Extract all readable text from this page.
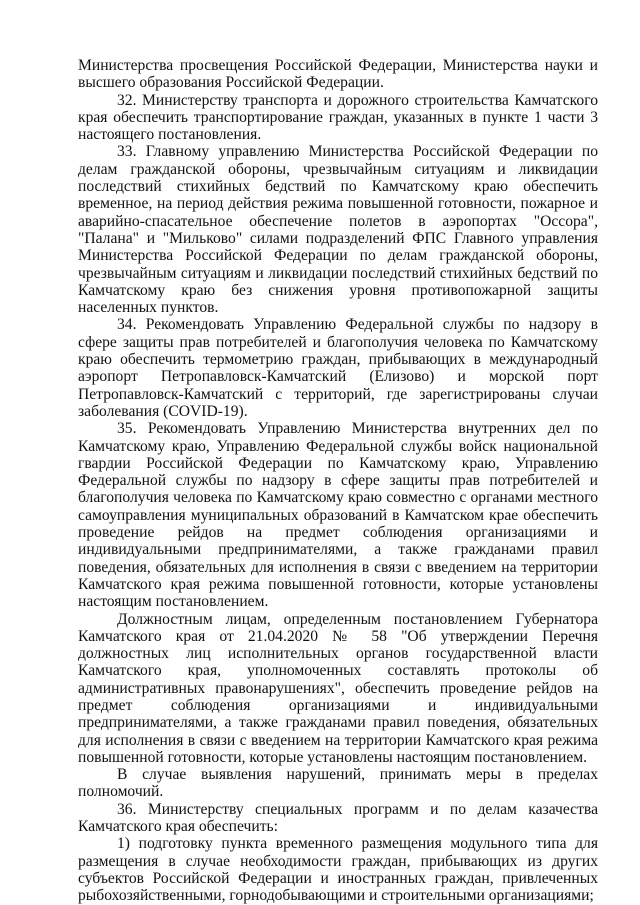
Министерства просвещения Российской Федерации, Министерства науки и высшего образования Российской Федерации.

32. Министерству транспорта и дорожного строительства Камчатского края обеспечить транспортирование граждан, указанных в пункте 1 части 3 настоящего постановления.

33. Главному управлению Министерства Российской Федерации по делам гражданской обороны, чрезвычайным ситуациям и ликвидации последствий стихийных бедствий по Камчатскому краю обеспечить временное, на период действия режима повышенной готовности, пожарное и аварийно-спасательное обеспечение полетов в аэропортах "Оссора", "Палана" и "Мильково" силами подразделений ФПС Главного управления Министерства Российской Федерации по делам гражданской обороны, чрезвычайным ситуациям и ликвидации последствий стихийных бедствий по Камчатскому краю без снижения уровня противопожарной защиты населенных пунктов.

34. Рекомендовать Управлению Федеральной службы по надзору в сфере защиты прав потребителей и благополучия человека по Камчатскому краю обеспечить термометрию граждан, прибывающих в международный аэропорт Петропавловск-Камчатский (Елизово) и морской порт Петропавловск-Камчатский с территорий, где зарегистрированы случаи заболевания (COVID-19).

35. Рекомендовать Управлению Министерства внутренних дел по Камчатскому краю, Управлению Федеральной службы войск национальной гвардии Российской Федерации по Камчатскому краю, Управлению Федеральной службы по надзору в сфере защиты прав потребителей и благополучия человека по Камчатскому краю совместно с органами местного самоуправления муниципальных образований в Камчатском крае обеспечить проведение рейдов на предмет соблюдения организациями и индивидуальными предпринимателями, а также гражданами правил поведения, обязательных для исполнения в связи с введением на территории Камчатского края режима повышенной готовности, которые установлены настоящим постановлением.

Должностным лицам, определенным постановлением Губернатора Камчатского края от 21.04.2020 № 58 "Об утверждении Перечня должностных лиц исполнительных органов государственной власти Камчатского края, уполномоченных составлять протоколы об административных правонарушениях", обеспечить проведение рейдов на предмет соблюдения организациями и индивидуальными предпринимателями, а также гражданами правил поведения, обязательных для исполнения в связи с введением на территории Камчатского края режима повышенной готовности, которые установлены настоящим постановлением.

В случае выявления нарушений, принимать меры в пределах полномочий.

36. Министерству специальных программ и по делам казачества Камчатского края обеспечить:

1) подготовку пункта временного размещения модульного типа для размещения в случае необходимости граждан, прибывающих из других субъектов Российской Федерации и иностранных граждан, привлеченных рыбохозяйственными, горнодобывающими и строительными организациями;
